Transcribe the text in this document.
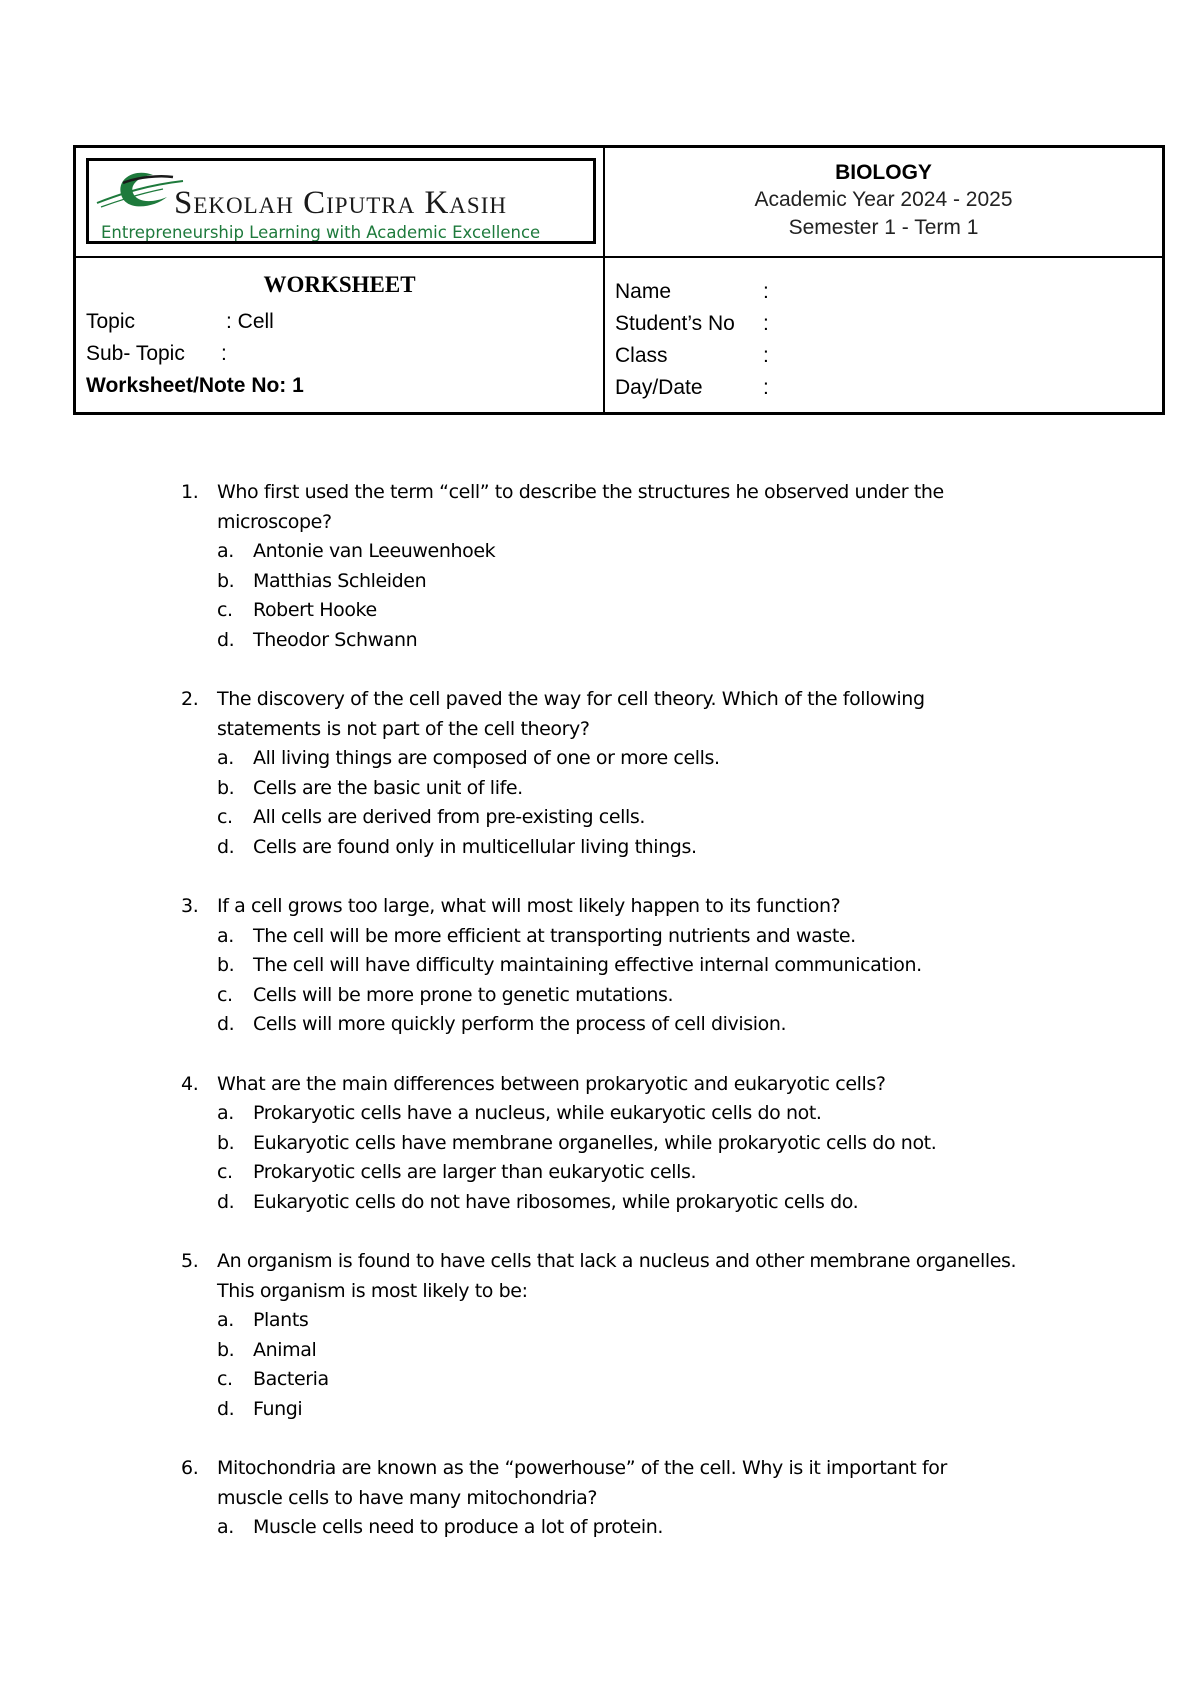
Sekolah Ciputra Kasih
Entrepreneurship Learning with Academic Excellence
BIOLOGY
Academic Year 2024 - 2025
Semester 1 - Term 1
WORKSHEET
Topic	: Cell
Sub- Topic	:
Worksheet/Note No: 1
Name	:
Student’s No	:
Class	:
Day/Date	:
1. Who first used the term “cell” to describe the structures he observed under the microscope?
a.	Antonie van Leeuwenhoek
b. Matthias Schleiden
c.	Robert Hooke
d. Theodor Schwann
2. The discovery of the cell paved the way for cell theory. Which of the following statements is not part of the cell theory?
a.	All living things are composed of one or more cells.
b. Cells are the basic unit of life.
c.	All cells are derived from pre-existing cells.
d. Cells are found only in multicellular living things.
3. If a cell grows too large, what will most likely happen to its function?
a.	The cell will be more efficient at transporting nutrients and waste.
b. The cell will have difficulty maintaining effective internal communication.
c.	Cells will be more prone to genetic mutations.
d. Cells will more quickly perform the process of cell division.
4. What are the main differences between prokaryotic and eukaryotic cells?
a.	Prokaryotic cells have a nucleus, while eukaryotic cells do not.
b. Eukaryotic cells have membrane organelles, while prokaryotic cells do not.
c.	Prokaryotic cells are larger than eukaryotic cells.
d. Eukaryotic cells do not have ribosomes, while prokaryotic cells do.
5. An organism is found to have cells that lack a nucleus and other membrane organelles. This organism is most likely to be:
a.	Plants
b. Animal
c.	Bacteria
d. Fungi
6. Mitochondria are known as the “powerhouse” of the cell. Why is it important for muscle cells to have many mitochondria?
a.	Muscle cells need to produce a lot of protein.
